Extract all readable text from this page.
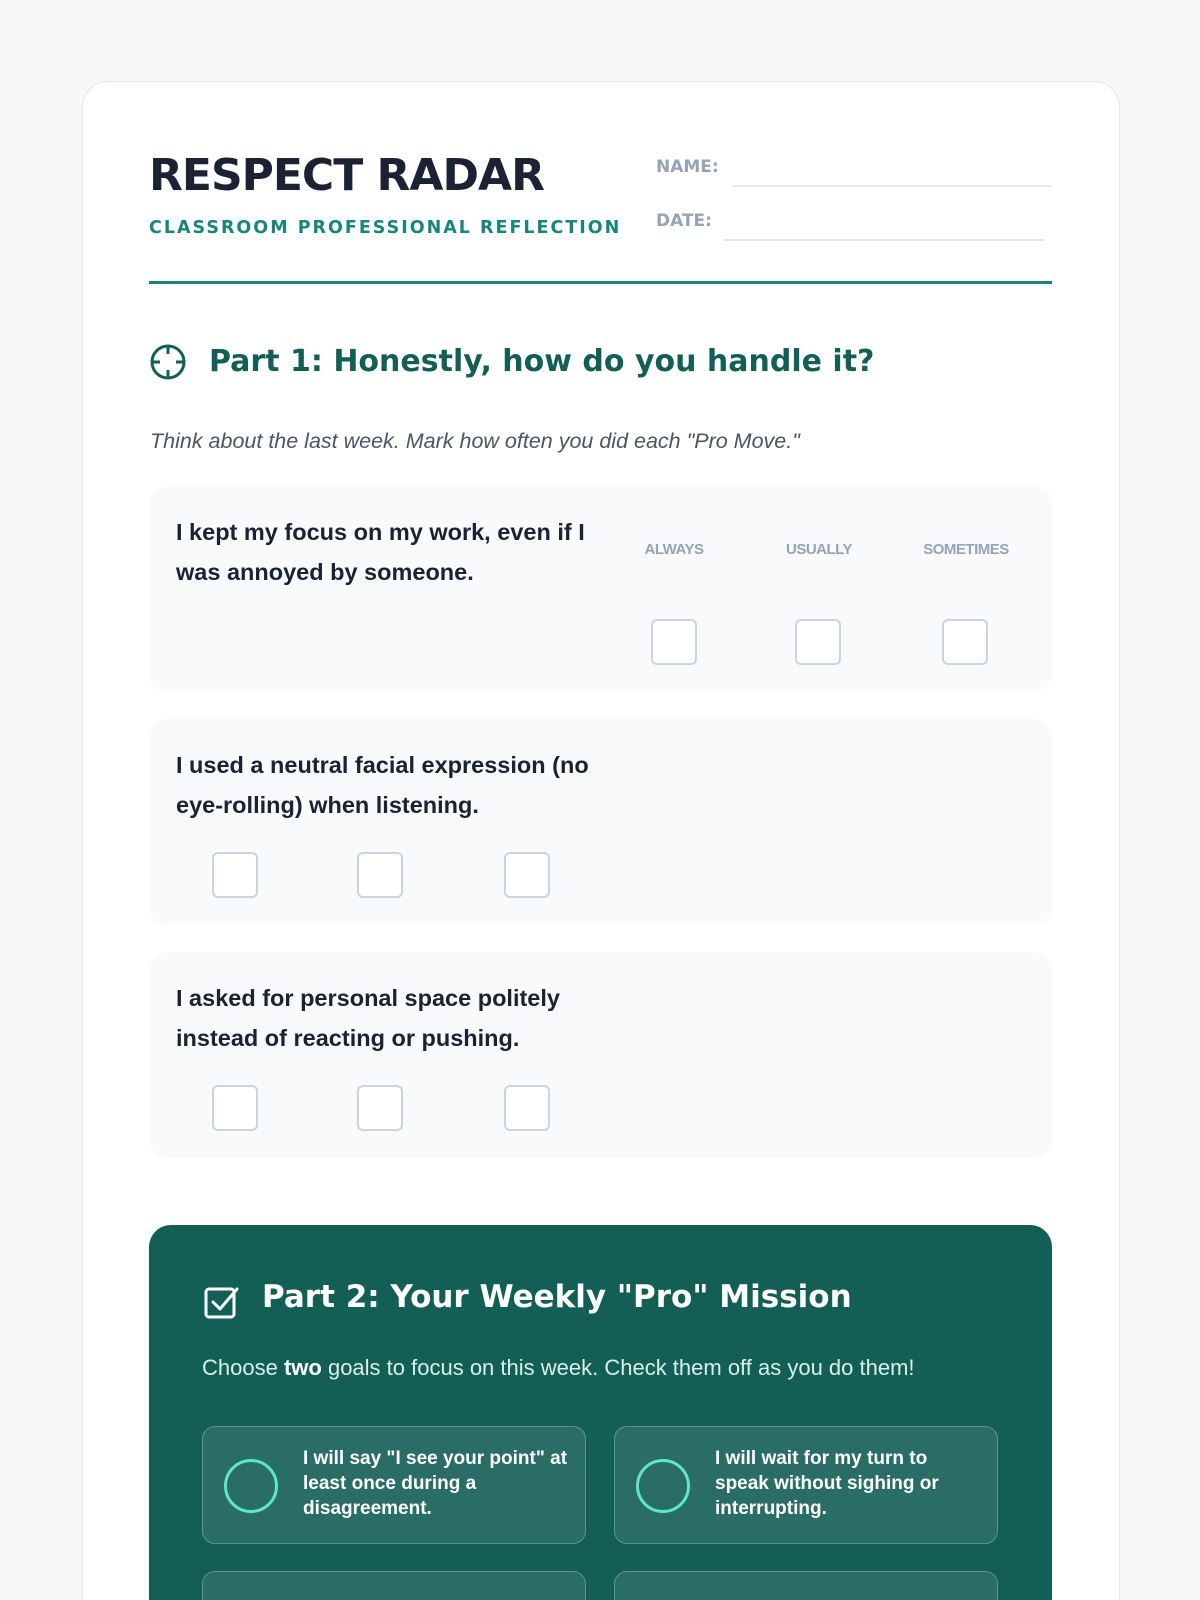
RESPECT RADAR
CLASSROOM PROFESSIONAL REFLECTION
NAME:
DATE:
Part 1: Honestly, how do you handle it?
Think about the last week. Mark how often you did each "Pro Move."
I kept my focus on my work, even if I was annoyed by someone.
ALWAYS	USUALLY	SOMETIMES
I used a neutral facial expression (no eye-rolling) when listening.
I asked for personal space politely instead of reacting or pushing.
Part 2: Your Weekly "Pro" Mission
Choose two goals to focus on this week. Check them off as you do them!
I will say "I see your point" at least once during a disagreement.
I will wait for my turn to speak without sighing or interrupting.
